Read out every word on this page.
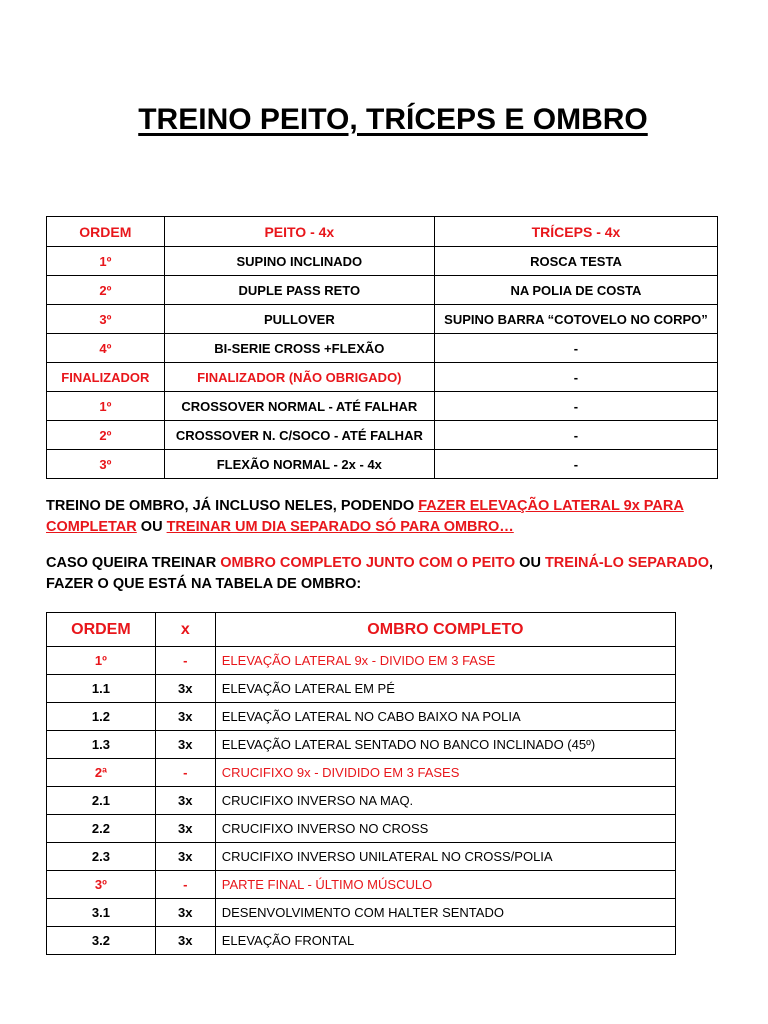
TREINO PEITO, TRÍCEPS E OMBRO
ORDEM	PEITO - 4x	TRÍCEPS - 4x
1º	SUPINO INCLINADO	ROSCA TESTA
2º	DUPLE PASS RETO	NA POLIA DE COSTA
3º	PULLOVER	SUPINO BARRA “COTOVELO NO CORPO”
4º	BI-SERIE CROSS +FLEXÃO	-
FINALIZADOR	FINALIZADOR (NÃO OBRIGADO)	-
1º	CROSSOVER NORMAL - ATÉ FALHAR	-
2º	CROSSOVER N. C/SOCO - ATÉ FALHAR	-
3º	FLEXÃO NORMAL - 2x - 4x	-
TREINO DE OMBRO, JÁ INCLUSO NELES, PODENDO FAZER ELEVAÇÃO LATERAL 9x PARA COMPLETAR OU TREINAR UM DIA SEPARADO SÓ PARA OMBRO…
CASO QUEIRA TREINAR OMBRO COMPLETO JUNTO COM O PEITO OU TREINÁ-LO SEPARADO, FAZER O QUE ESTÁ NA TABELA DE OMBRO:
ORDEM	x	OMBRO COMPLETO
1º	-	ELEVAÇÃO LATERAL 9x - DIVIDO EM 3 FASE
1.1	3x	ELEVAÇÃO LATERAL EM PÉ
1.2	3x	ELEVAÇÃO LATERAL NO CABO BAIXO NA POLIA
1.3	3x	ELEVAÇÃO LATERAL SENTADO NO BANCO INCLINADO (45º)
2ª	-	CRUCIFIXO 9x - DIVIDIDO EM 3 FASES
2.1	3x	CRUCIFIXO INVERSO NA MAQ.
2.2	3x	CRUCIFIXO INVERSO NO CROSS
2.3	3x	CRUCIFIXO INVERSO UNILATERAL NO CROSS/POLIA
3º	-	PARTE FINAL - ÚLTIMO MÚSCULO
3.1	3x	DESENVOLVIMENTO COM HALTER SENTADO
3.2	3x	ELEVAÇÃO FRONTAL
